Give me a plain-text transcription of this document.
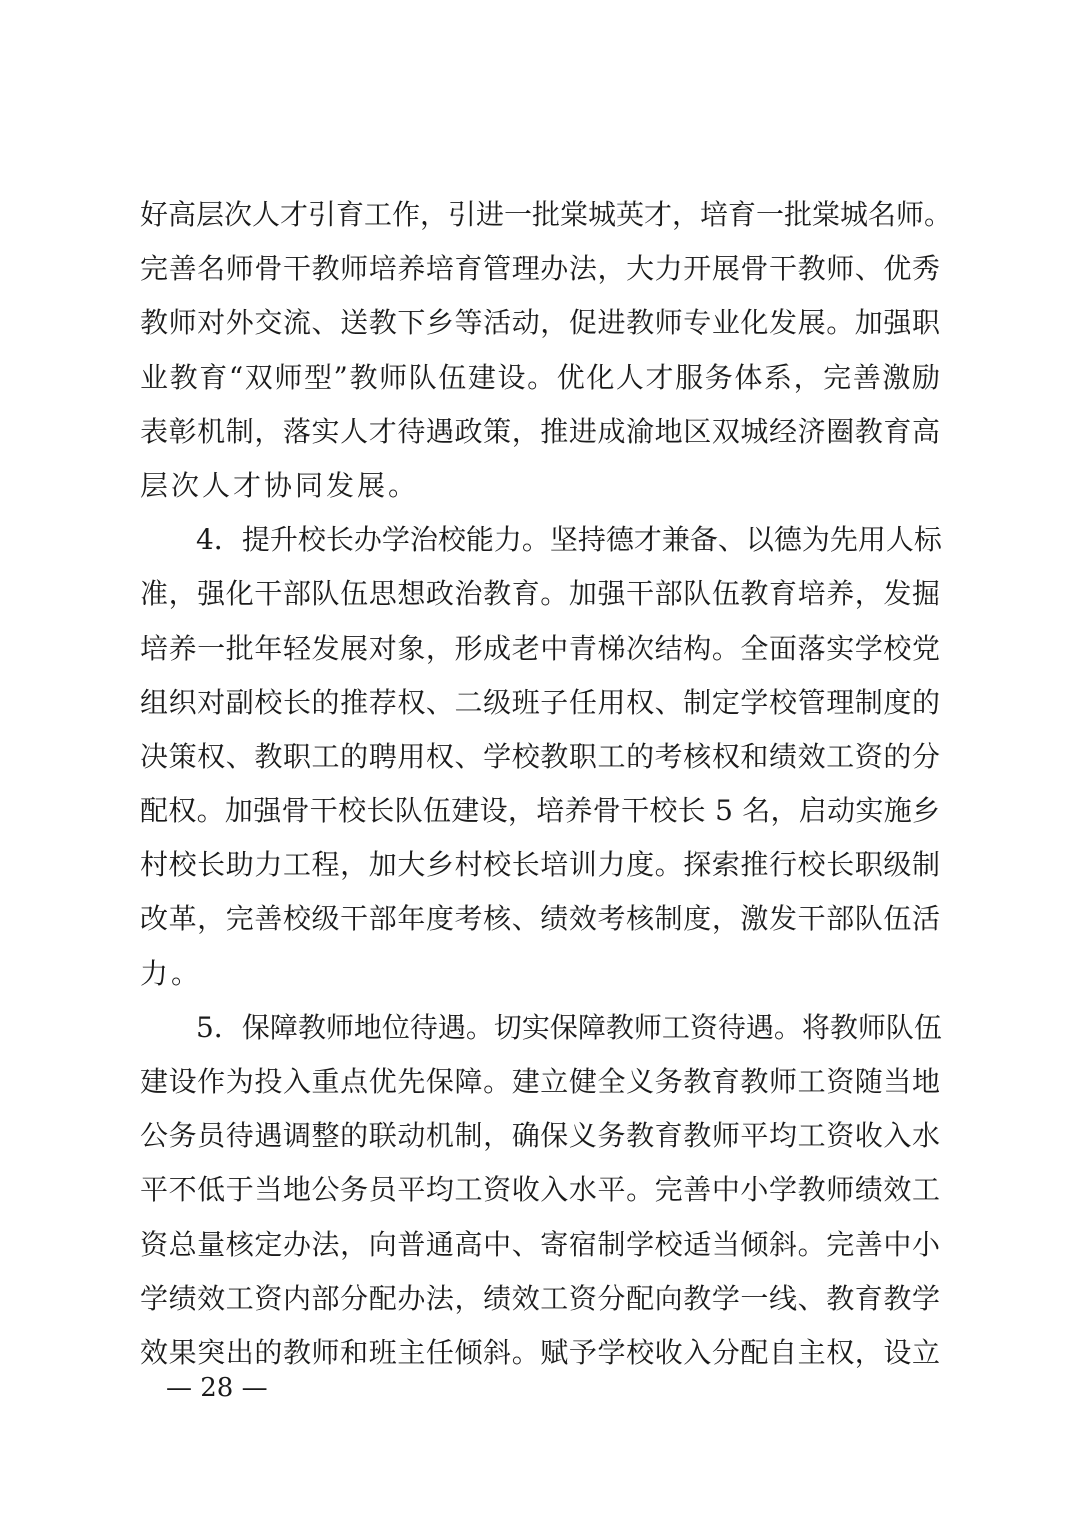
好高层次人才引育工作，引进一批棠城英才，培育一批棠城名师。
完善名师骨干教师培养培育管理办法，大力开展骨干教师、优秀
教师对外交流、送教下乡等活动，促进教师专业化发展。加强职
业教育“双师型”教师队伍建设。优化人才服务体系，完善激励
表彰机制，落实人才待遇政策，推进成渝地区双城经济圈教育高
层次人才协同发展。
4．提升校长办学治校能力。坚持德才兼备、以德为先用人标
准，强化干部队伍思想政治教育。加强干部队伍教育培养，发掘
培养一批年轻发展对象，形成老中青梯次结构。全面落实学校党
组织对副校长的推荐权、二级班子任用权、制定学校管理制度的
决策权、教职工的聘用权、学校教职工的考核权和绩效工资的分
配权。加强骨干校长队伍建设，培养骨干校长 5 名，启动实施乡
村校长助力工程，加大乡村校长培训力度。探索推行校长职级制
改革，完善校级干部年度考核、绩效考核制度，激发干部队伍活
力。
5．保障教师地位待遇。切实保障教师工资待遇。将教师队伍
建设作为投入重点优先保障。建立健全义务教育教师工资随当地
公务员待遇调整的联动机制，确保义务教育教师平均工资收入水
平不低于当地公务员平均工资收入水平。完善中小学教师绩效工
资总量核定办法，向普通高中、寄宿制学校适当倾斜。完善中小
学绩效工资内部分配办法，绩效工资分配向教学一线、教育教学
效果突出的教师和班主任倾斜。赋予学校收入分配自主权，设立
— 28 —
